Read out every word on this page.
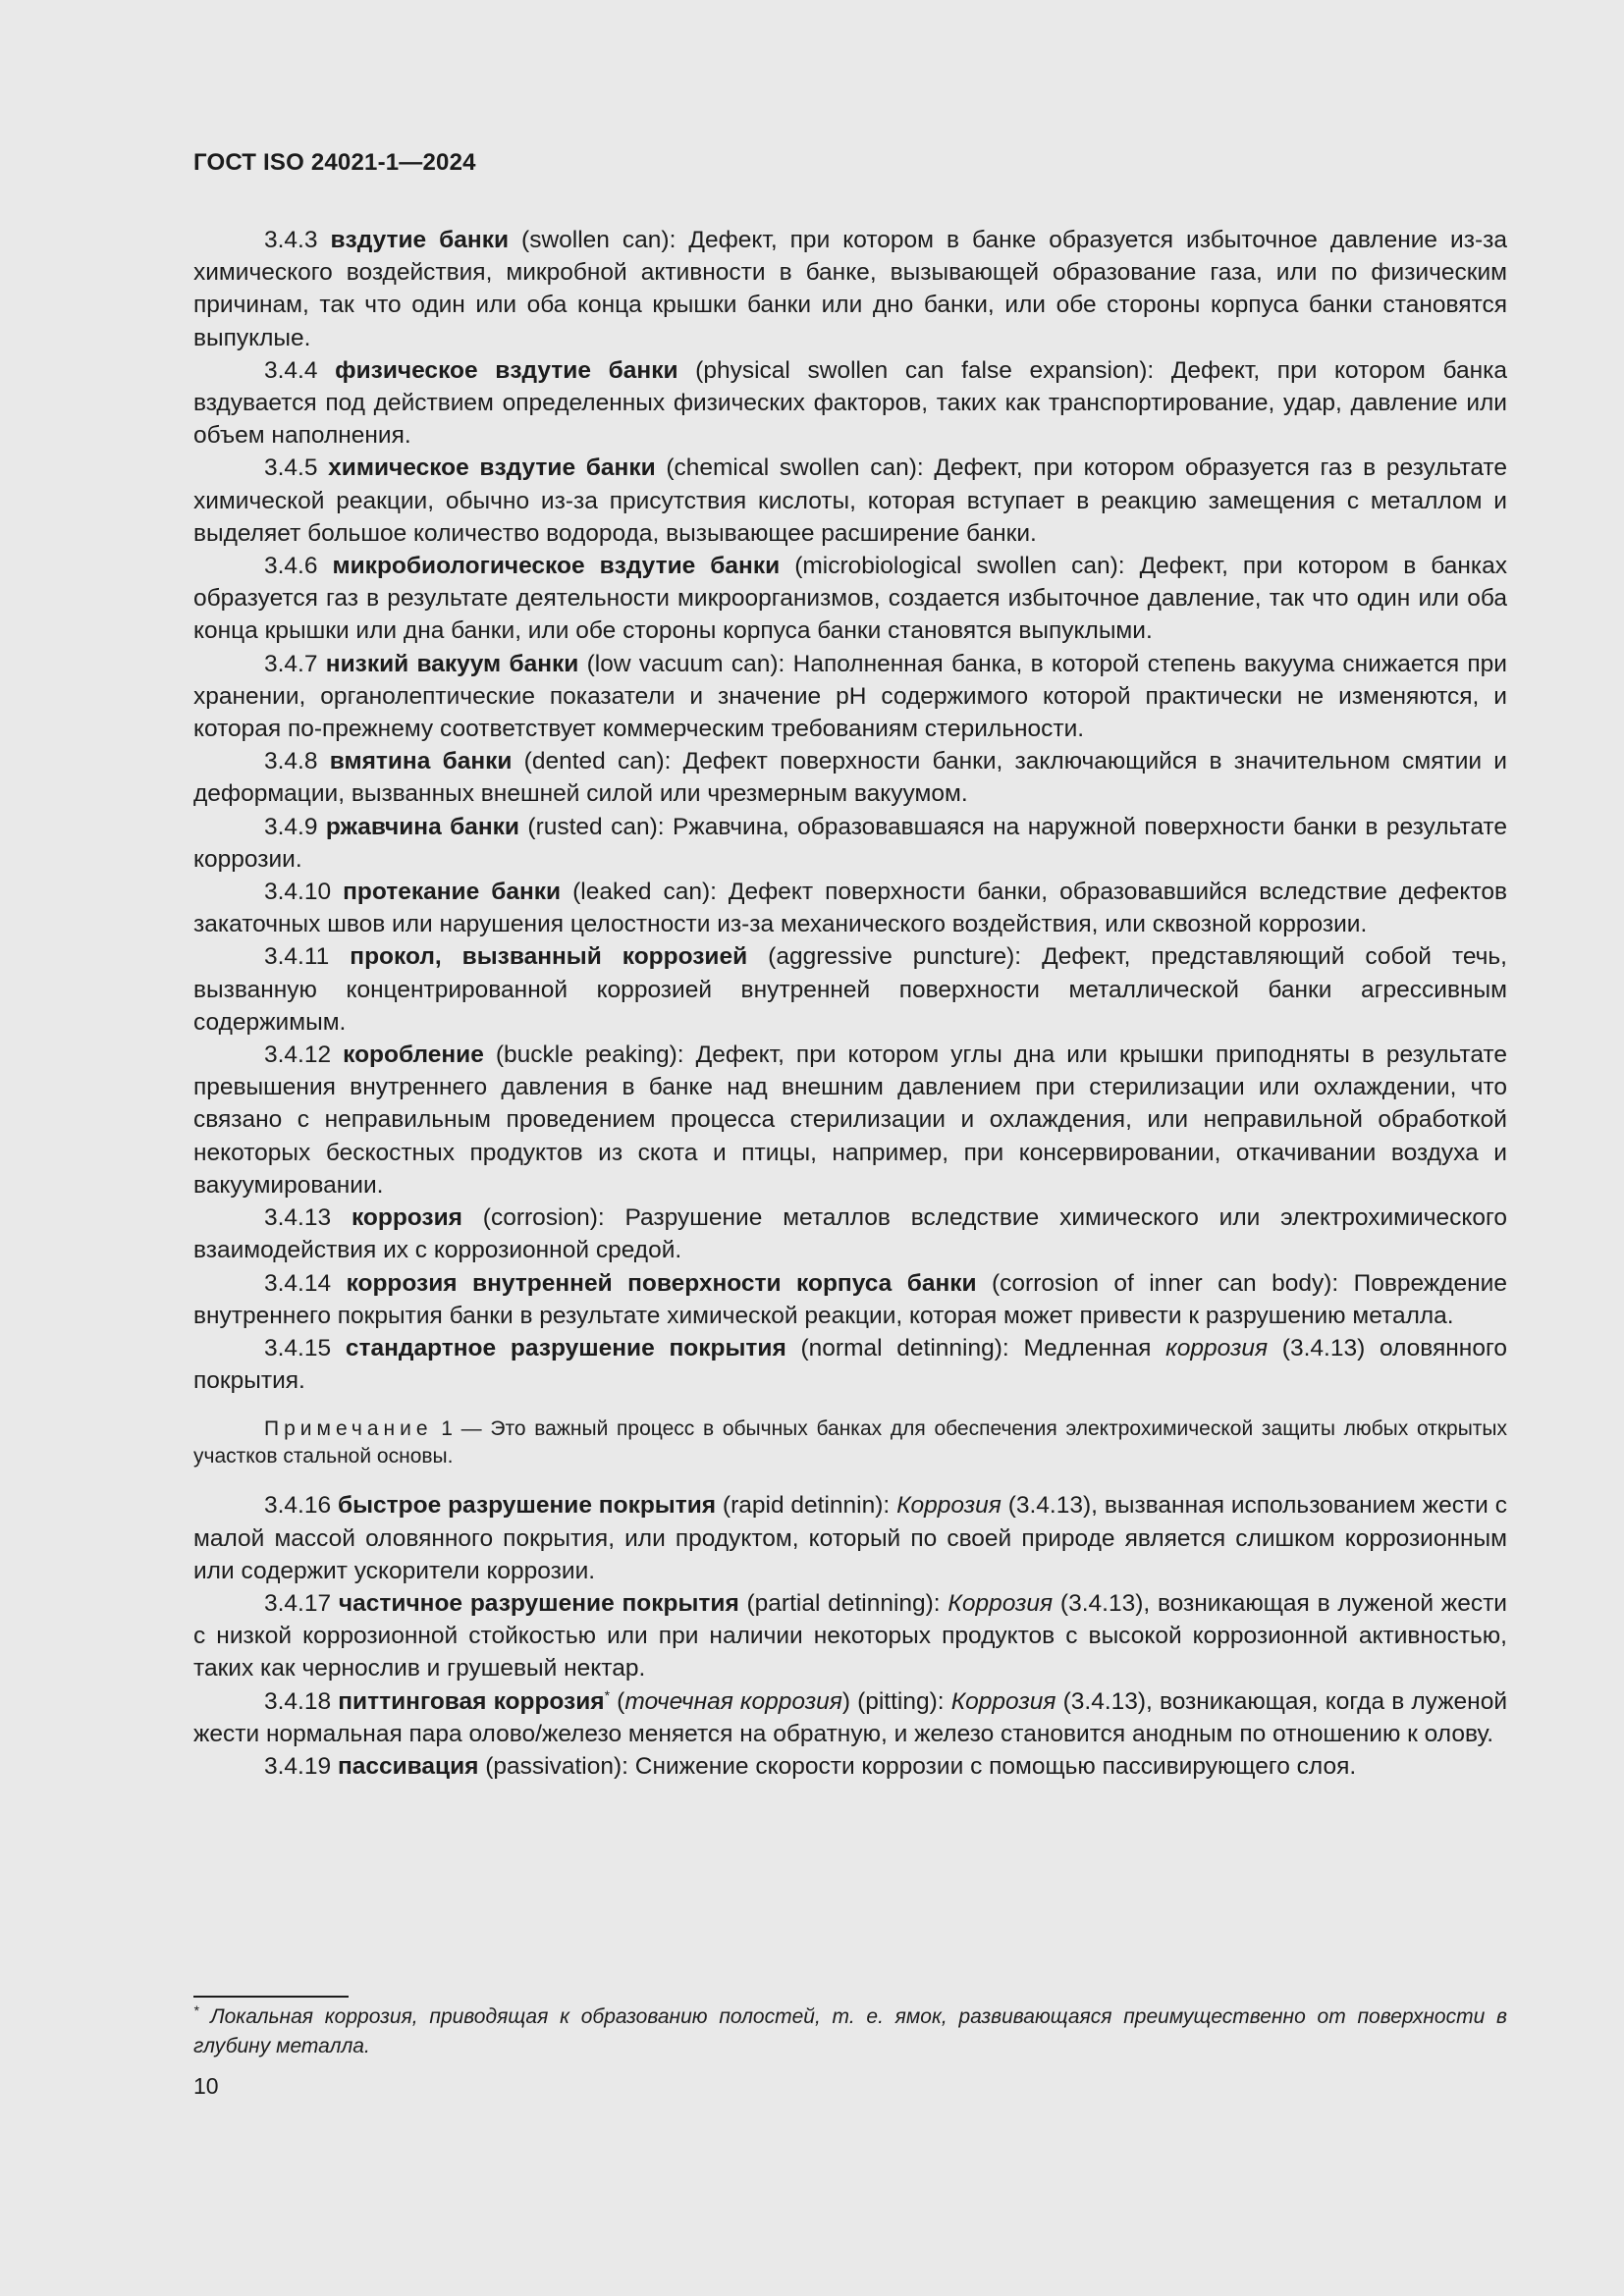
ГОСТ ISO 24021-1—2024

3.4.3 вздутие банки (swollen can): Дефект, при котором в банке образуется избыточное давление из-за химического воздействия, микробной активности в банке, вызывающей образование газа, или по физическим причинам, так что один или оба конца крышки банки или дно банки, или обе стороны корпуса банки становятся выпуклые.

3.4.4 физическое вздутие банки (physical swollen can false expansion): Дефект, при котором банка вздувается под действием определенных физических факторов, таких как транспортирование, удар, давление или объем наполнения.

3.4.5 химическое вздутие банки (chemical swollen can): Дефект, при котором образуется газ в результате химической реакции, обычно из-за присутствия кислоты, которая вступает в реакцию замещения с металлом и выделяет большое количество водорода, вызывающее расширение банки.

3.4.6 микробиологическое вздутие банки (microbiological swollen can): Дефект, при котором в банках образуется газ в результате деятельности микроорганизмов, создается избыточное давление, так что один или оба конца крышки или дна банки, или обе стороны корпуса банки становятся выпуклыми.

3.4.7 низкий вакуум банки (low vacuum can): Наполненная банка, в которой степень вакуума снижается при хранении, органолептические показатели и значение pH содержимого которой практически не изменяются, и которая по-прежнему соответствует коммерческим требованиям стерильности.

3.4.8 вмятина банки (dented can): Дефект поверхности банки, заключающийся в значительном смятии и деформации, вызванных внешней силой или чрезмерным вакуумом.

3.4.9 ржавчина банки (rusted can): Ржавчина, образовавшаяся на наружной поверхности банки в результате коррозии.

3.4.10 протекание банки (leaked can): Дефект поверхности банки, образовавшийся вследствие дефектов закаточных швов или нарушения целостности из-за механического воздействия, или сквозной коррозии.

3.4.11 прокол, вызванный коррозией (aggressive puncture): Дефект, представляющий собой течь, вызванную концентрированной коррозией внутренней поверхности металлической банки агрессивным содержимым.

3.4.12 коробление (buckle peaking): Дефект, при котором углы дна или крышки приподняты в результате превышения внутреннего давления в банке над внешним давлением при стерилизации или охлаждении, что связано с неправильным проведением процесса стерилизации и охлаждения, или неправильной обработкой некоторых бескостных продуктов из скота и птицы, например, при консервировании, откачивании воздуха и вакуумировании.

3.4.13 коррозия (corrosion): Разрушение металлов вследствие химического или электрохимического взаимодействия их с коррозионной средой.

3.4.14 коррозия внутренней поверхности корпуса банки (corrosion of inner can body): Повреждение внутреннего покрытия банки в результате химической реакции, которая может привести к разрушению металла.

3.4.15 стандартное разрушение покрытия (normal detinning): Медленная коррозия (3.4.13) оловянного покрытия.

Примечание 1 — Это важный процесс в обычных банках для обеспечения электрохимической защиты любых открытых участков стальной основы.

3.4.16 быстрое разрушение покрытия (rapid detinnin): Коррозия (3.4.13), вызванная использованием жести с малой массой оловянного покрытия, или продуктом, который по своей природе является слишком коррозионным или содержит ускорители коррозии.

3.4.17 частичное разрушение покрытия (partial detinning): Коррозия (3.4.13), возникающая в луженой жести с низкой коррозионной стойкостью или при наличии некоторых продуктов с высокой коррозионной активностью, таких как чернослив и грушевый нектар.

3.4.18 питтинговая коррозия* (точечная коррозия) (pitting): Коррозия (3.4.13), возникающая, когда в луженой жести нормальная пара олово/железо меняется на обратную, и железо становится анодным по отношению к олову.

3.4.19 пассивация (passivation): Снижение скорости коррозии с помощью пассивирующего слоя.

* Локальная коррозия, приводящая к образованию полостей, т. е. ямок, развивающаяся преимущественно от поверхности в глубину металла.
10
